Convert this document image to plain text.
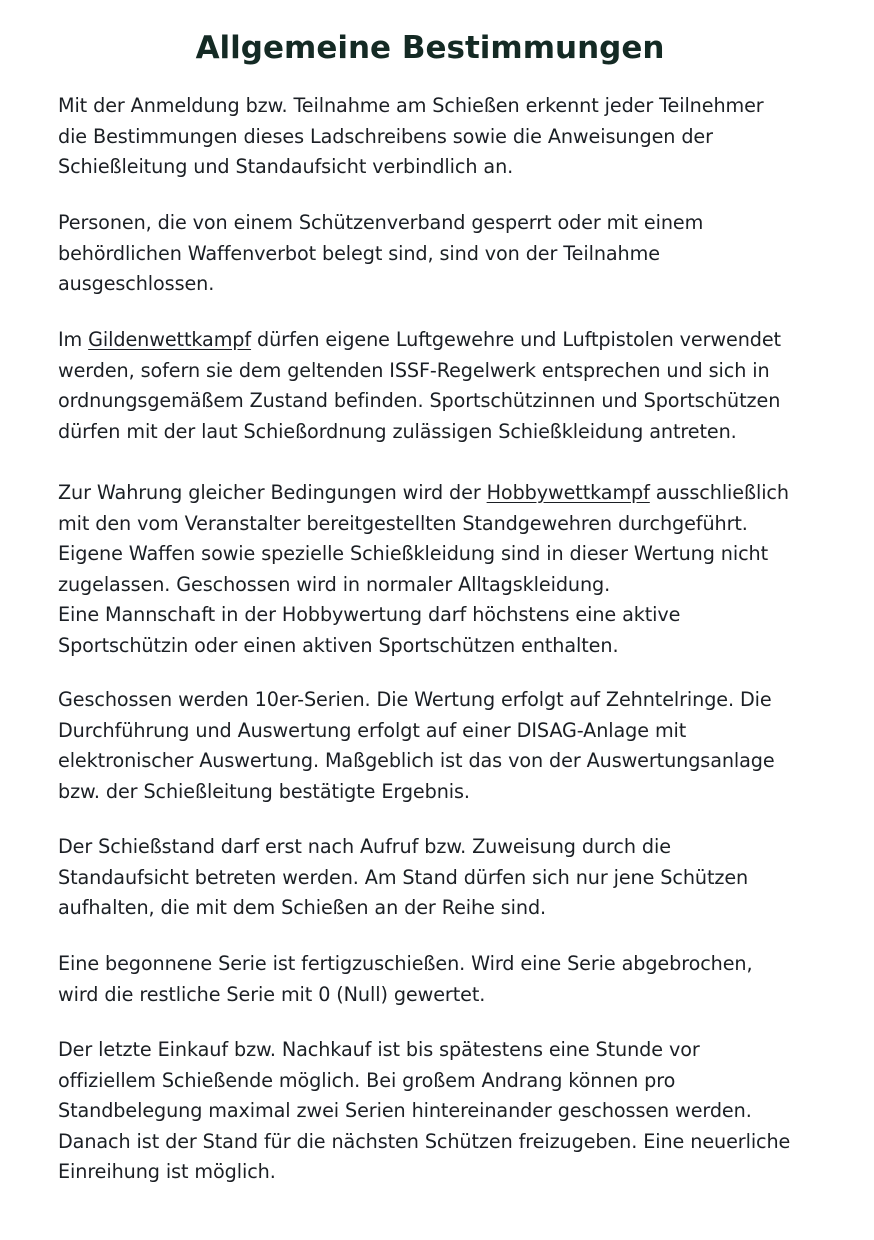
Allgemeine Bestimmungen

Mit der Anmeldung bzw. Teilnahme am Schießen erkennt jeder Teilnehmer
die Bestimmungen dieses Ladschreibens sowie die Anweisungen der
Schießleitung und Standaufsicht verbindlich an.

Personen, die von einem Schützenverband gesperrt oder mit einem
behördlichen Waffenverbot belegt sind, sind von der Teilnahme
ausgeschlossen.

Im Gildenwettkampf dürfen eigene Luftgewehre und Luftpistolen verwendet
werden, sofern sie dem geltenden ISSF-Regelwerk entsprechen und sich in
ordnungsgemäßem Zustand befinden. Sportschützinnen und Sportschützen
dürfen mit der laut Schießordnung zulässigen Schießkleidung antreten.

Zur Wahrung gleicher Bedingungen wird der Hobbywettkampf ausschließlich
mit den vom Veranstalter bereitgestellten Standgewehren durchgeführt.
Eigene Waffen sowie spezielle Schießkleidung sind in dieser Wertung nicht
zugelassen. Geschossen wird in normaler Alltagskleidung.
Eine Mannschaft in der Hobbywertung darf höchstens eine aktive
Sportschützin oder einen aktiven Sportschützen enthalten.

Geschossen werden 10er-Serien. Die Wertung erfolgt auf Zehntelringe. Die
Durchführung und Auswertung erfolgt auf einer DISAG-Anlage mit
elektronischer Auswertung. Maßgeblich ist das von der Auswertungsanlage
bzw. der Schießleitung bestätigte Ergebnis.

Der Schießstand darf erst nach Aufruf bzw. Zuweisung durch die
Standaufsicht betreten werden. Am Stand dürfen sich nur jene Schützen
aufhalten, die mit dem Schießen an der Reihe sind.

Eine begonnene Serie ist fertigzuschießen. Wird eine Serie abgebrochen,
wird die restliche Serie mit 0 (Null) gewertet.

Der letzte Einkauf bzw. Nachkauf ist bis spätestens eine Stunde vor
offiziellem Schießende möglich. Bei großem Andrang können pro
Standbelegung maximal zwei Serien hintereinander geschossen werden.
Danach ist der Stand für die nächsten Schützen freizugeben. Eine neuerliche
Einreihung ist möglich.
